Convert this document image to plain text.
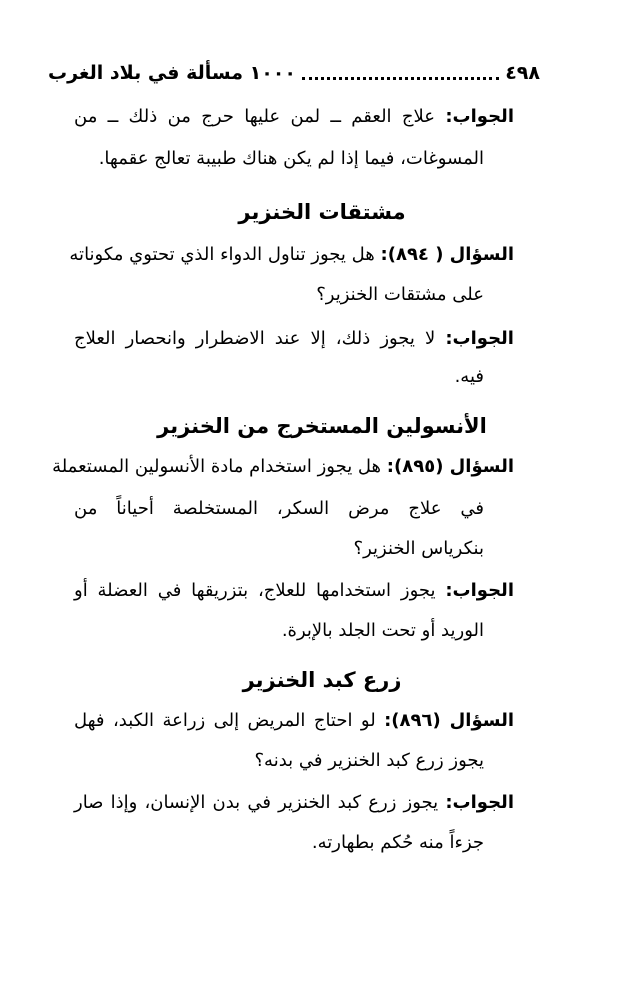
٤٩٨
١٠٠٠ مسألة في بلاد الغرب
الجواب: علاج العقم ــ لمن عليها حرج من ذلك ــ من
المسوغات، فيما إذا لم يكن هناك طبيبة تعالج عقمها.
مشتقات الخنزير
السؤال ( ٨٩٤): هل يجوز تناول الدواء الذي تحتوي مكوناته
على مشتقات الخنزير؟
الجواب: لا يجوز ذلك، إلا عند الاضطرار وانحصار العلاج
فيه.
الأنسولين المستخرج من الخنزير
السؤال (٨٩٥): هل يجوز استخدام مادة الأنسولين المستعملة
في علاج مرض السكر، المستخلصة أحياناً من
بنكرياس الخنزير؟
الجواب: يجوز استخدامها للعلاج، بتزريقها في العضلة أو
الوريد أو تحت الجلد بالإبرة.
زرع كبد الخنزير
السؤال (٨٩٦): لو احتاج المريض إلى زراعة الكبد، فهل
يجوز زرع كبد الخنزير في بدنه؟
الجواب: يجوز زرع كبد الخنزير في بدن الإنسان، وإذا صار
جزءاً منه حُكم بطهارته.
